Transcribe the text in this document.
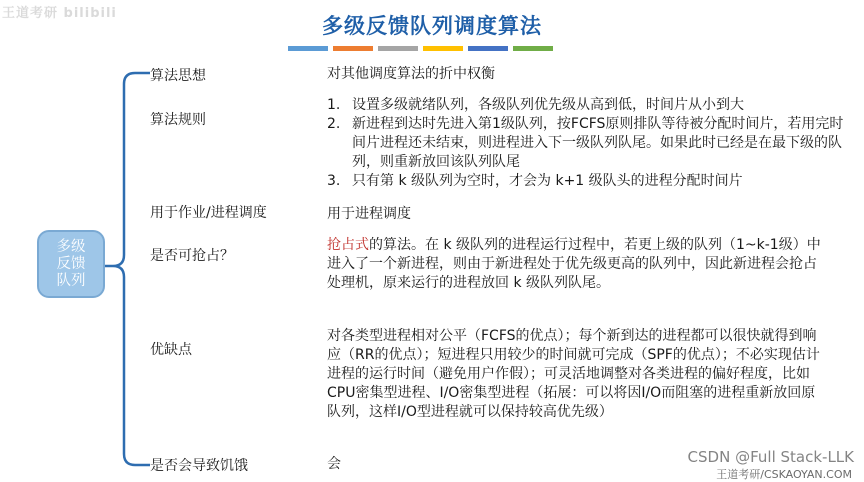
王道考研 bilibili
多级反馈队列调度算法
多级反馈队列
算法思想
算法规则
用于作业/进程调度
是否可抢占？
优缺点
是否会导致饥饿
对其他调度算法的折中权衡
1. 设置多级就绪队列，各级队列优先级从高到低，时间片从小到大
2. 新进程到达时先进入第1级队列，按FCFS原则排队等待被分配时间片，若用完时间片进程还未结束，则进程进入下一级队列队尾。如果此时已经是在最下级的队列，则重新放回该队列队尾
3. 只有第 k 级队列为空时，才会为 k+1 级队头的进程分配时间片
用于进程调度
抢占式的算法。在 k 级队列的进程运行过程中，若更上级的队列（1~k-1级）中进入了一个新进程，则由于新进程处于优先级更高的队列中，因此新进程会抢占处理机，原来运行的进程放回 k 级队列队尾。
对各类型进程相对公平（FCFS的优点）；每个新到达的进程都可以很快就得到响应（RR的优点）；短进程只用较少的时间就可完成（SPF的优点）；不必实现估计进程的运行时间（避免用户作假）；可灵活地调整对各类进程的偏好程度，比如CPU密集型进程、I/O密集型进程（拓展：可以将因I/O而阻塞的进程重新放回原队列，这样I/O型进程就可以保持较高优先级）
会	CSDN @Full Stack-LLK
王道考研/CSKAOYAN.COM
